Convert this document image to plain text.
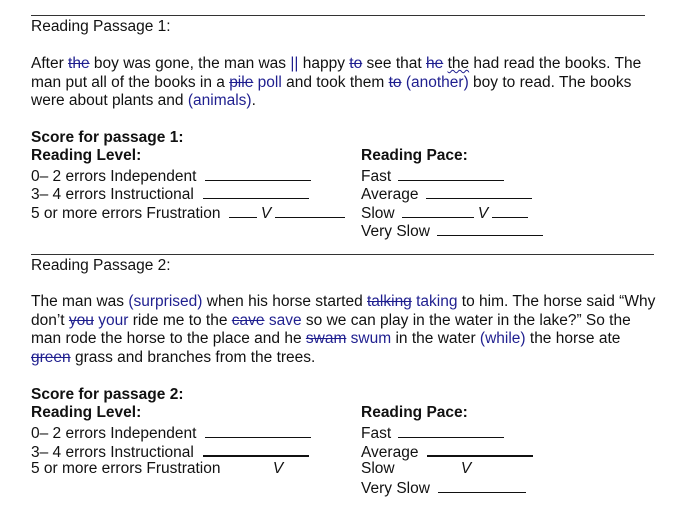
Reading Passage 1:
After the boy was gone, the man was || happy to see that he the had read the books. The man put all of the books in a pile poll and took them to (another) boy to read. The books were about plants and (animals).
Score for passage 1:
Reading Level:
0– 2 errors Independent
3– 4 errors Instructional
5 or more errors Frustration	V
Reading Pace:
Fast
Average
Slow	V
Very Slow
Reading Passage 2:
The man was (surprised) when his horse started talking taking to him. The horse said “Why don’t you your ride me to the cave save so we can play in the water in the lake?” So the man rode the horse to the place and he swam swum in the water (while) the horse ate green grass and branches from the trees.
Score for passage 2:
Reading Level:
0– 2 errors Independent
3– 4 errors Instructional
5 or more errors Frustration	V
Reading Pace:
Fast
Average
Slow	V
Very Slow
